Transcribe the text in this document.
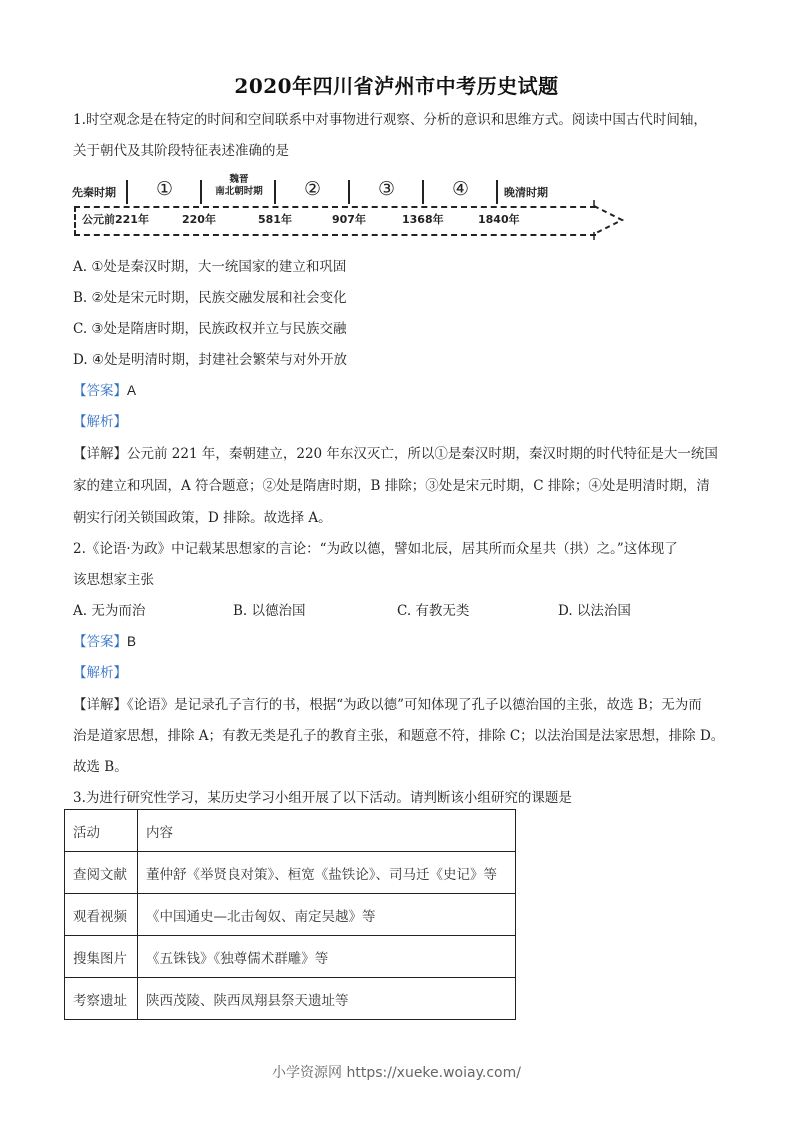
2020年四川省泸州市中考历史试题
1.时空观念是在特定的时间和空间联系中对事物进行观察、分析的意识和思维方式。阅读中国古代时间轴，
关于朝代及其阶段特征表述准确的是
先秦时期 ①	魏晋
南北朝时期	②	③	④	晚清时期
公元前221年	220年	581年	907年	1368年	1840年
A. ①处是秦汉时期，大一统国家的建立和巩固
B. ②处是宋元时期，民族交融发展和社会变化
C. ③处是隋唐时期，民族政权并立与民族交融
D. ④处是明清时期，封建社会繁荣与对外开放
【答案】A
【解析】
【详解】公元前 221 年，秦朝建立，220 年东汉灭亡，所以①是秦汉时期，秦汉时期的时代特征是大一统国
家的建立和巩固，A 符合题意；②处是隋唐时期，B 排除；③处是宋元时期，C 排除；④处是明清时期，清
朝实行闭关锁国政策，D 排除。故选择 A。
2.《论语·为政》中记载某思想家的言论：“为政以德，譬如北辰，居其所而众星共（拱）之。”这体现了
该思想家主张
A. 无为而治	B. 以德治国	C. 有教无类	D. 以法治国
【答案】B
【解析】
【详解】《论语》是记录孔子言行的书，根据“为政以德”可知体现了孔子以德治国的主张，故选 B；无为而
治是道家思想，排除 A；有教无类是孔子的教育主张，和题意不符，排除 C；以法治国是法家思想，排除 D。
故选 B。
3.为进行研究性学习，某历史学习小组开展了以下活动。请判断该小组研究的课题是
活动	内容
查阅文献	董仲舒《举贤良对策》、桓宽《盐铁论》、司马迁《史记》等
观看视频	《中国通史—北击匈奴、南定吴越》等
搜集图片	《五铢钱》《独尊儒术群雕》等
考察遗址	陕西茂陵、陕西凤翔县祭天遗址等
小学资源网 https://xueke.woiay.com/
